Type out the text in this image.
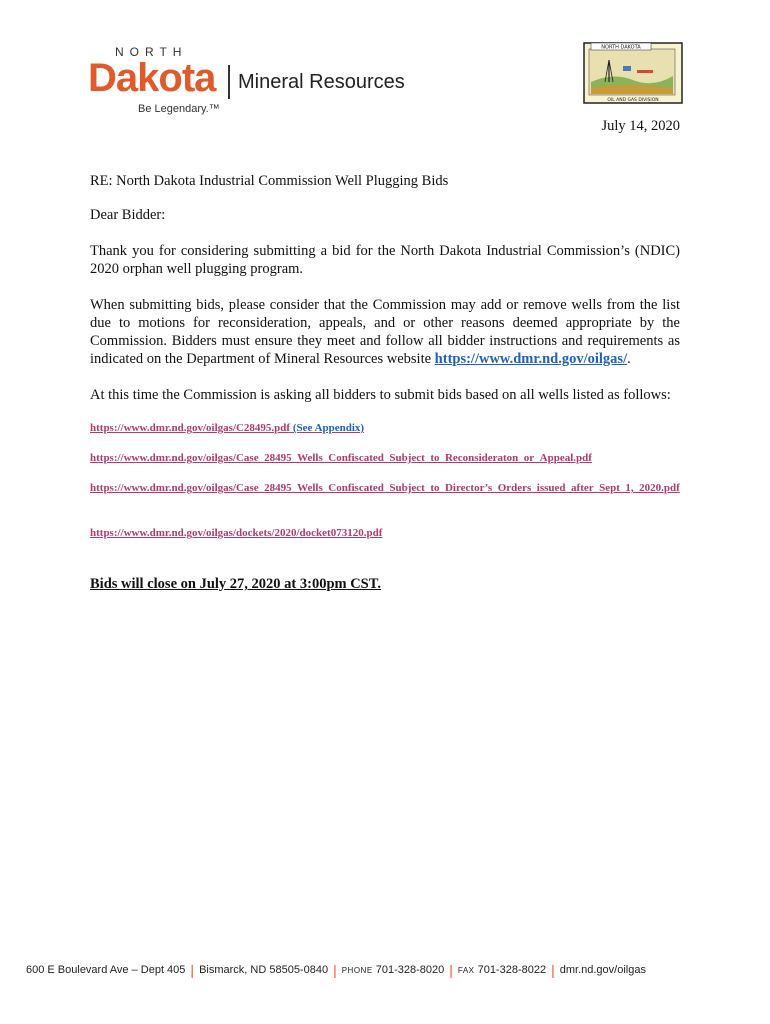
NORTH
Dakota Mineral Resources
Be Legendary.™
NORTH DAKOTA
OIL AND GAS DIVISION
July 14, 2020
RE: North Dakota Industrial Commission Well Plugging Bids
Dear Bidder:
Thank you for considering submitting a bid for the North Dakota Industrial Commission’s (NDIC) 2020 orphan well plugging program.
When submitting bids, please consider that the Commission may add or remove wells from the list due to motions for reconsideration, appeals, and or other reasons deemed appropriate by the Commission. Bidders must ensure they meet and follow all bidder instructions and requirements as indicated on the Department of Mineral Resources website https://www.dmr.nd.gov/oilgas/.
At this time the Commission is asking all bidders to submit bids based on all wells listed as follows:
https://www.dmr.nd.gov/oilgas/C28495.pdf (See Appendix)
https://www.dmr.nd.gov/oilgas/Case_28495_Wells_Confiscated_Subject_to_Reconsideraton_or_Appeal.pdf
https://www.dmr.nd.gov/oilgas/Case_28495_Wells_Confiscated_Subject_to_Director’s_Orders_issued_after_Sept_1,_2020.pdf
https://www.dmr.nd.gov/oilgas/dockets/2020/docket073120.pdf
Bids will close on July 27, 2020 at 3:00pm CST.
600 E Boulevard Ave – Dept 405 | Bismarck, ND 58505-0840 | PHONE 701-328-8020 | FAX 701-328-8022 | dmr.nd.gov/oilgas
